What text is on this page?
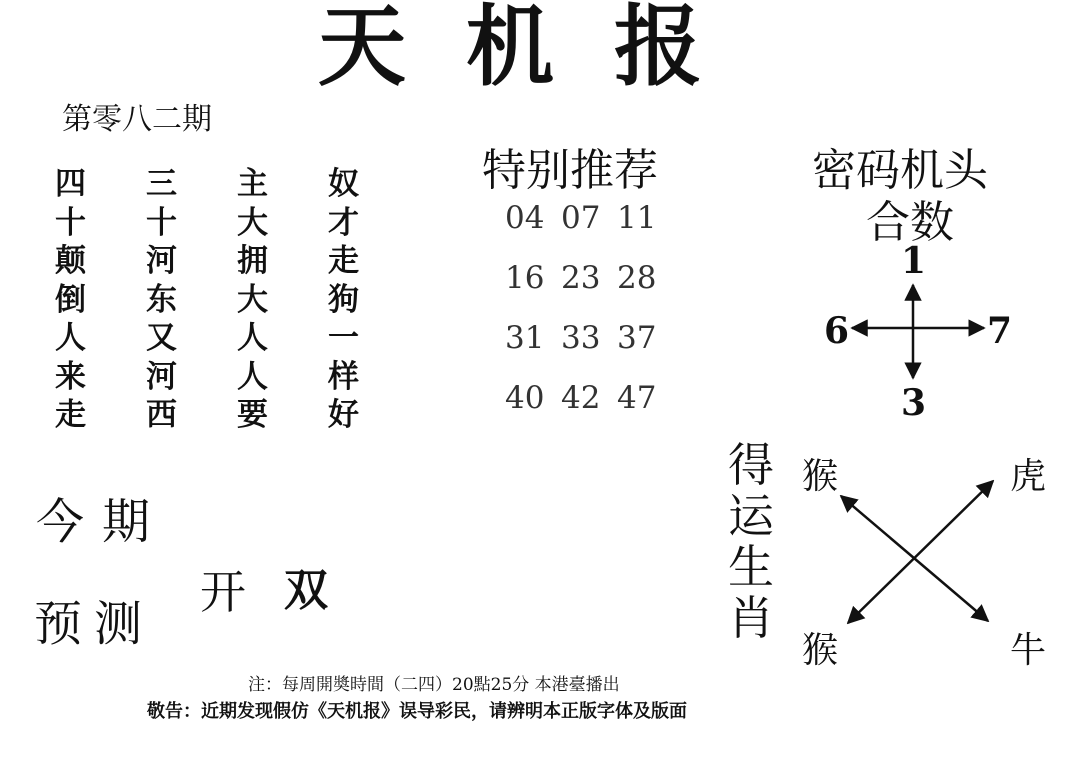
天机报
第零八二期
四	三	主	奴
十	十	大	才
颠	河	拥	走
倒	东	大	狗
人	又	人	一
来	河	人	样
走	西	要	好
特别推荐
04 07 11
16 23 28
31 33 37
40 42 47
密码机头
合数
1
6	7
3
今 期
开 双
预 测
得运生肖
猴	虎
猴	牛
注：每周開奬時間（二四）20點25分 本港臺播出
敬告：近期发现假仿《天机报》误导彩民，请辨明本正版字体及版面
